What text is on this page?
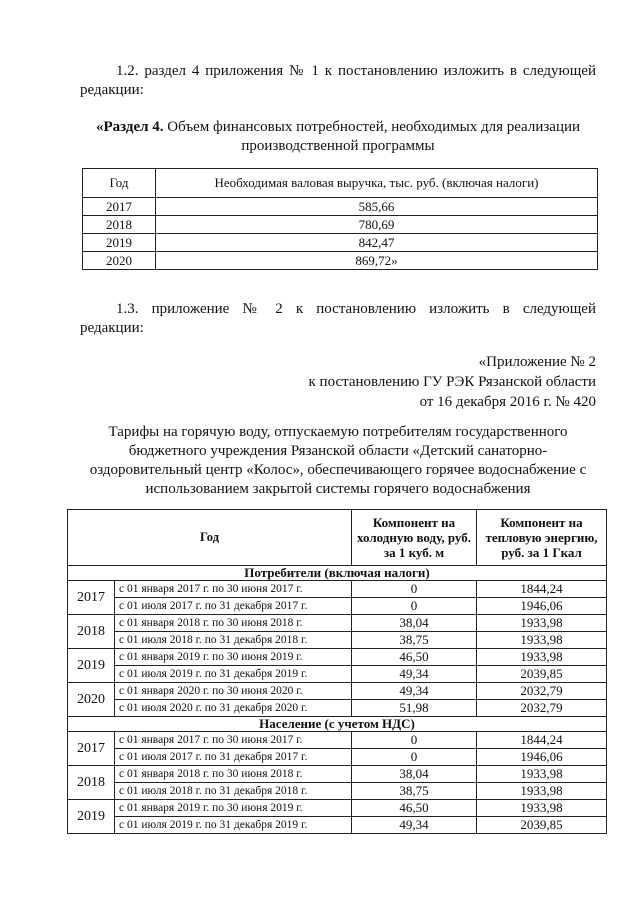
1.2. раздел 4 приложения № 1 к постановлению изложить в следующей редакции:

«Раздел 4. Объем финансовых потребностей, необходимых для реализации производственной программы

Год	Необходимая валовая выручка, тыс. руб. (включая налоги)
2017	585,66
2018	780,69
2019	842,47
2020	869,72»

1.3. приложение № 2 к постановлению изложить в следующей редакции:

«Приложение № 2
к постановлению ГУ РЭК Рязанской области
от 16 декабря 2016 г. № 420

Тарифы на горячую воду, отпускаемую потребителям государственного бюджетного учреждения Рязанской области «Детский санаторно-оздоровительный центр «Колос», обеспечивающего горячее водоснабжение с использованием закрытой системы горячего водоснабжения

Год		Компонент на холодную воду, руб. за 1 куб. м	Компонент на тепловую энергию, руб. за 1 Гкал
Потребители (включая налоги)			
2017	с 01 января 2017 г. по 30 июня 2017 г.	0	1844,24
	с 01 июля 2017 г. по 31 декабря 2017 г.	0	1946,06
2018	с 01 января 2018 г. по 30 июня 2018 г.	38,04	1933,98
	с 01 июля 2018 г. по 31 декабря 2018 г.	38,75	1933,98
2019	с 01 января 2019 г. по 30 июня 2019 г.	46,50	1933,98
	с 01 июля 2019 г. по 31 декабря 2019 г.	49,34	2039,85
2020	с 01 января 2020 г. по 30 июня 2020 г.	49,34	2032,79
	с 01 июля 2020 г. по 31 декабря 2020 г.	51,98	2032,79
Население (с учетом НДС)			
2017	с 01 января 2017 г. по 30 июня 2017 г.	0	1844,24
	с 01 июля 2017 г. по 31 декабря 2017 г.	0	1946,06
2018	с 01 января 2018 г. по 30 июня 2018 г.	38,04	1933,98
	с 01 июля 2018 г. по 31 декабря 2018 г.	38,75	1933,98
2019	с 01 января 2019 г. по 30 июня 2019 г.	46,50	1933,98
	с 01 июля 2019 г. по 31 декабря 2019 г.	49,34	2039,85
